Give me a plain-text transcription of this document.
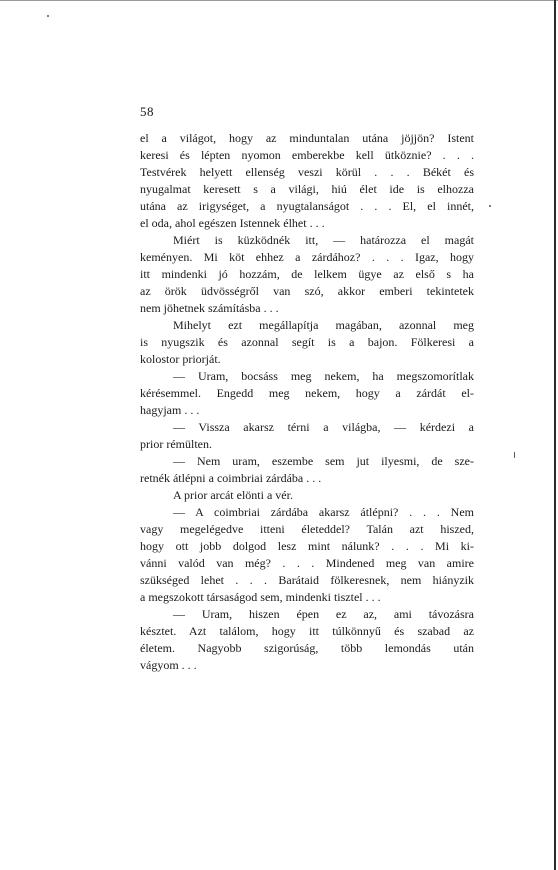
58
el a világot, hogy az minduntalan utána jöjjön? Istent
keresi és lépten nyomon emberekbe kell ütköznie? . . .
Testvérek helyett ellenség veszi körül . . . Békét és
nyugalmat keresett s a világi, hiú élet ide is elhozza
utána az irigységet, a nyugtalanságot . . . El, el innét,
el oda, ahol egészen Istennek élhet . . .
Miért is küzködnék itt, — határozza el magát
keményen. Mi köt ehhez a zárdához? . . . Igaz, hogy
itt mindenki jó hozzám, de lelkem ügye az első s ha
az örök üdvösségről van szó, akkor emberi tekintetek
nem jöhetnek számításba . . .
Mihelyt ezt megállapítja magában, azonnal meg
is nyugszik és azonnal segít is a bajon. Fölkeresi a
kolostor priorját.
— Uram, bocsáss meg nekem, ha megszomorítlak
kérésemmel. Engedd meg nekem, hogy a zárdát el-
hagyjam . . .
— Vissza akarsz térni a világba, — kérdezi a
prior rémülten.
— Nem uram, eszembe sem jut ilyesmi, de sze-
retnék átlépni a coimbriai zárdába . . .
A prior arcát elönti a vér.
— A coimbriai zárdába akarsz átlépni? . . . Nem
vagy megelégedve itteni életeddel? Talán azt hiszed,
hogy ott jobb dolgod lesz mint nálunk? . . . Mi ki-
vánni valód van még? . . . Mindened meg van amire
szükséged lehet . . . Barátaid fölkeresnek, nem hiányzik
a megszokott társaságod sem, mindenki tisztel . . .
— Uram, hiszen épen ez az, ami távozásra
késztet. Azt találom, hogy itt túlkönnyű és szabad az
életem. Nagyobb szigorúság, több lemondás után
vágyom . . .
